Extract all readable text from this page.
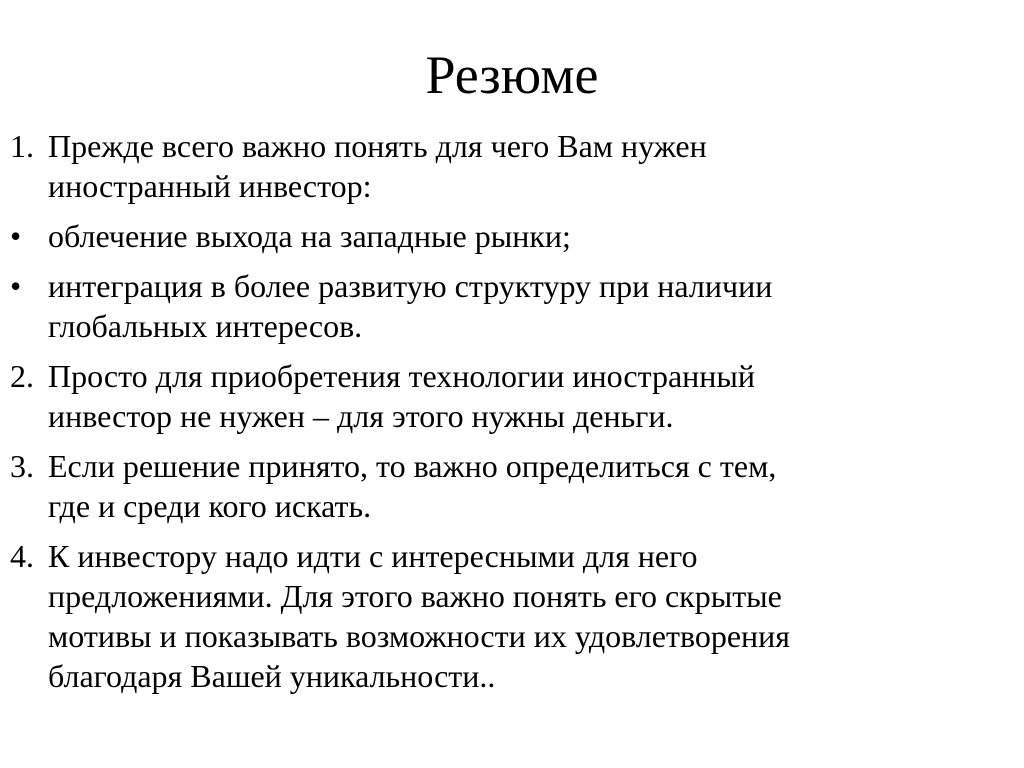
Резюме
1. Прежде всего важно понять для чего Вам нужен
иностранный инвестор:
• облечение выхода на западные рынки;
• интеграция в более развитую структуру при наличии
глобальных интересов.
2. Просто для приобретения технологии иностранный
инвестор не нужен – для этого нужны деньги.
3. Если решение принято, то важно определиться с тем,
где и среди кого искать.
4. К инвестору надо идти с интересными для него
предложениями. Для этого важно понять его скрытые
мотивы и показывать возможности их удовлетворения
благодаря Вашей уникальности..
